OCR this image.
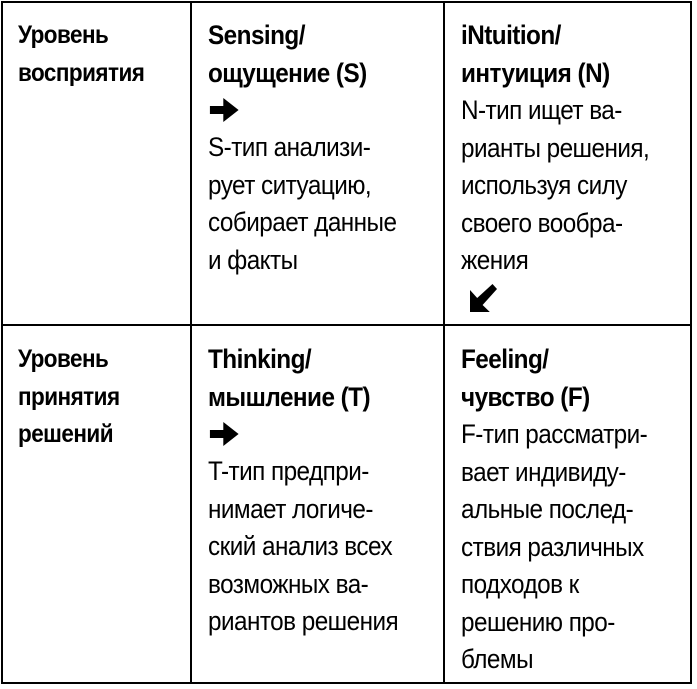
Уровень
восприятия
Sensing/
ощущение (S)
S-тип анализи-
рует ситуацию,
собирает данные
и факты
iNtuition/
интуиция (N)
N-тип ищет ва-
рианты решения,
используя силу
своего вообра-
жения
Уровень
принятия
решений
Thinking/
мышление (T)
T-тип предпри-
нимает логиче-
ский анализ всех
возможных ва-
риантов решения
Feeling/
чувство (F)
F-тип рассматри-
вает индивиду-
альные послед-
ствия различных
подходов к
решению про-
блемы
